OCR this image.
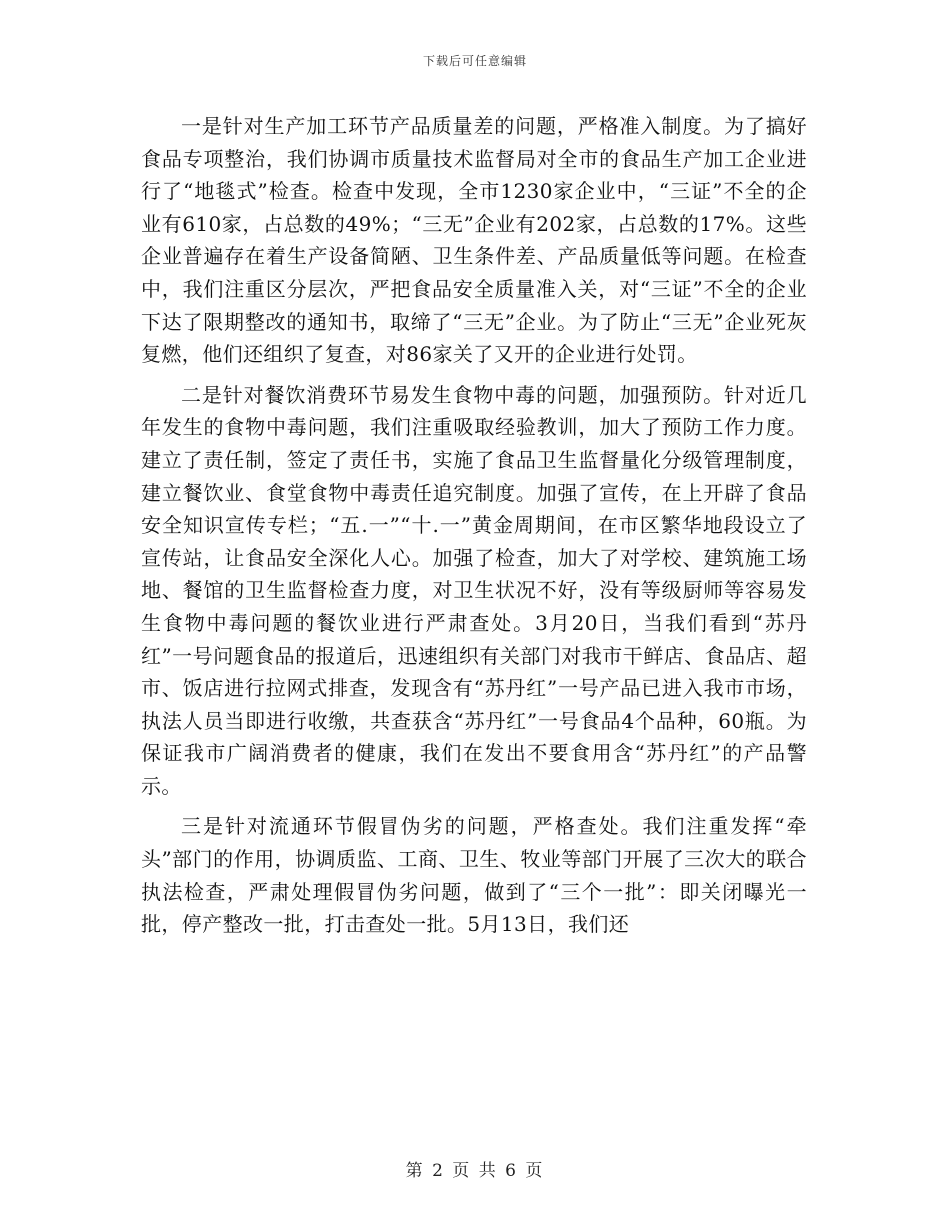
下载后可任意编辑

一是针对生产加工环节产品质量差的问题，严格准入制度。为了搞好食品专项整治，我们协调市质量技术监督局对全市的食品生产加工企业进行了“地毯式”检查。检查中发现，全市1230家企业中，“三证”不全的企业有610家，占总数的49%；“三无”企业有202家，占总数的17%。这些企业普遍存在着生产设备简陋、卫生条件差、产品质量低等问题。在检查中，我们注重区分层次，严把食品安全质量准入关，对“三证”不全的企业下达了限期整改的通知书，取缔了“三无”企业。为了防止“三无”企业死灰复燃，他们还组织了复查，对86家关了又开的企业进行处罚。

二是针对餐饮消费环节易发生食物中毒的问题，加强预防。针对近几年发生的食物中毒问题，我们注重吸取经验教训，加大了预防工作力度。建立了责任制，签定了责任书，实施了食品卫生监督量化分级管理制度，建立餐饮业、食堂食物中毒责任追究制度。加强了宣传，在上开辟了食品安全知识宣传专栏；“五.一”“十.一”黄金周期间，在市区繁华地段设立了宣传站，让食品安全深化人心。加强了检查，加大了对学校、建筑施工场地、餐馆的卫生监督检查力度，对卫生状况不好，没有等级厨师等容易发生食物中毒问题的餐饮业进行严肃查处。3月20日，当我们看到“苏丹红”一号问题食品的报道后，迅速组织有关部门对我市干鲜店、食品店、超市、饭店进行拉网式排查，发现含有“苏丹红”一号产品已进入我市市场，执法人员当即进行收缴，共查获含“苏丹红”一号食品4个品种，60瓶。为保证我市广阔消费者的健康，我们在发出不要食用含“苏丹红”的产品警示。

三是针对流通环节假冒伪劣的问题，严格查处。我们注重发挥“牵头”部门的作用，协调质监、工商、卫生、牧业等部门开展了三次大的联合执法检查，严肃处理假冒伪劣问题，做到了“三个一批”：即关闭曝光一批，停产整改一批，打击查处一批。5月13日，我们还

第 2 页 共 6 页
